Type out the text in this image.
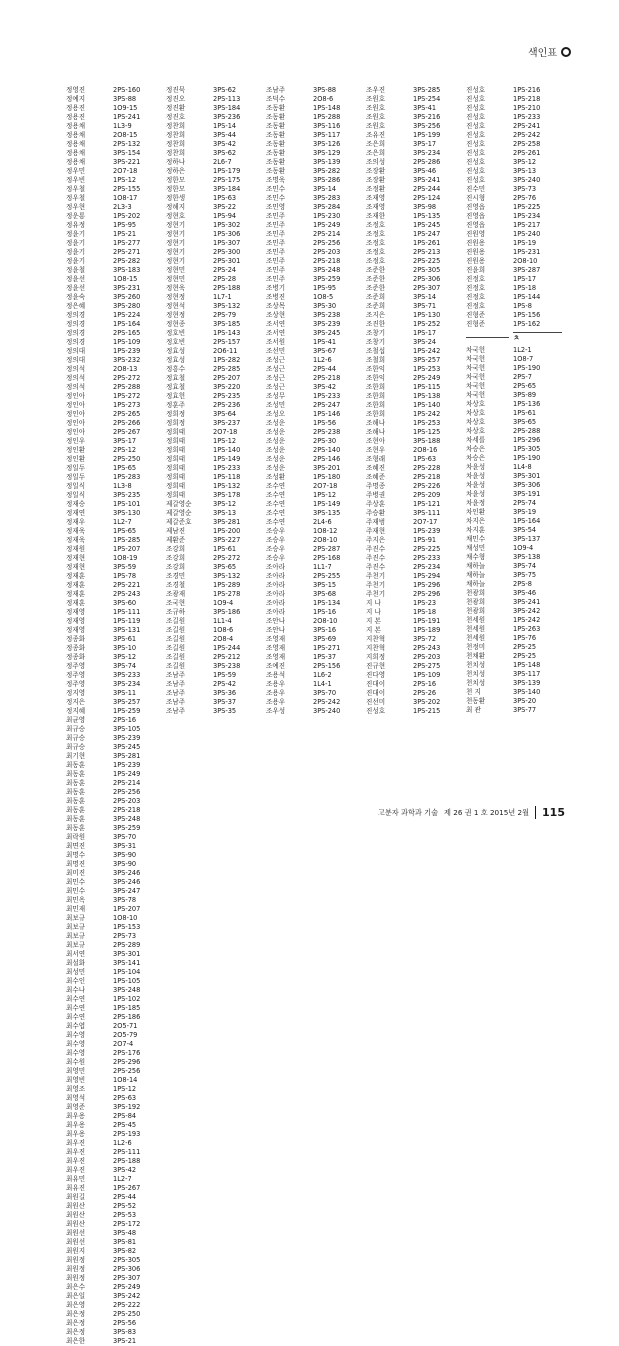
색인표
정영진
정예지
정용진
정용진
정용채
정용채
정용채
정용채
정용채
정우민
정우빈
정우철
정우철
정우현
정운룡
정유정
정윤기
정윤기
정윤기
정윤기
정윤철
정윤선
정윤선
정윤숙
정은혜
정의경
정의경
정의경
정의경
정의대
정의대
정의석
정의석
정의석
정인아
정인아
정인아
정인아
정인아
정인우
정인환
정인환
정일두
정일두
정일식
정일식
정재승
정재연
정재우
정재욱
정재욱
정재원
정재현
정재현
정재훈
정재훈
정재훈
정재훈
정재영
정재영
정재영
정종화
정종화
정종화
정주영
정주영
정주영
정지영
정지은
정지혜
2PS-160
3PS-88
1O9-15
1PS-241
1L3-9
2O8-15
2PS-132
3PS-154
3PS-221
2O7-18
1PS-12
2PS-155
1O8-17
2L3-3
1PS-202
1PS-95
1PS-21
1PS-277
2PS-271
2PS-282
3PS-183
1O8-15
3PS-231
3PS-260
3PS-280
1PS-224
1PS-164
2PS-165
1PS-109
1PS-239
3PS-232
2O8-13
2PS-272
2PS-288
1PS-272
1PS-273
2PS-265
2PS-266
2PS-267
3PS-17
2PS-12
2PS-250
1PS-65
1PS-283
1L3-8
3PS-235
1PS-101
3PS-130
1L2-7
1PS-65
1PS-285
1PS-207
1O8-19
3PS-59
1PS-78
2PS-221
2PS-243
3PS-60
1PS-111
1PS-119
3PS-131
3PS-61
3PS-10
3PS-12
3PS-74
3PS-233
3PS-234
3PS-11
3PS-257
1PS-259
정진묵
정진오
정진환
정진호
정찬희
정찬희
정찬희
정찬희
정하나
정하은
정한모
정한모
정한생
정해지
정현호
정현기
정현기
정현기
정현기
정현기
정현민
정현민
정현욱
정현정
정현석
정현정
정현종
정호빈
정호빈
정효성
정효성
정흥수
정효철
정효철
정효헌
정훈주
정희정
정희정
정희태
정희태
정희태
정희태
정희태
정희태
정희태
정희태
제갈영순
제갈영순
제갈준호
제남진
제환준
조강희
조강희
조강희
조경민
조경철
조광재
조국현
조규하
조길원
조길원
조길원
조길원
조길원
조길원
조남주
조남주
조남주
조남주
조남주
3PS-62
2PS-113
3PS-184
3PS-236
1PS-14
3PS-44
3PS-42
3PS-62
2L6-7
1PS-179
2PS-175
3PS-184
1PS-63
3PS-22
1PS-94
1PS-302
1PS-306
1PS-307
2PS-300
2PS-301
2PS-24
2PS-28
2PS-188
1L7-1
3PS-132
2PS-79
3PS-185
1PS-143
2PS-157
2O6-11
1PS-282
2PS-285
2PS-207
3PS-220
2PS-235
2PS-236
3PS-64
3PS-237
2O7-18
1PS-12
1PS-140
1PS-149
1PS-233
1PS-118
1PS-132
3PS-178
3PS-12
3PS-13
3PS-281
1PS-200
3PS-227
1PS-61
2PS-272
3PS-65
3PS-132
1PS-289
1PS-278
1O9-4
3PS-186
1L1-4
1O8-6
2O8-4
1PS-244
2PS-212
3PS-238
1PS-59
2PS-42
3PS-36
3PS-37
3PS-35
조남주
조덕수
조동환
조동환
조동환
조동환
조동환
조동환
조동환
조동환
조명욱
조민수
조민수
조민영
조민주
조민주
조민주
조민주
조민주
조민주
조민주
조민주
조병기
조병진
조상목
조상현
조서연
조서연
조서원
조선민
조성근
조성근
조성근
조성근
조성무
조성민
조성오
조성운
조성운
조성운
조성운
조성운
조성운
조성환
조수연
조수연
조수연
조수연
조수연
조승우
조승우
조승우
조승우
조아라
조아라
조아라
조아라
조아라
조아라
조안나
조안나
조영재
조영재
조영재
조예진
조용석
조용우
조용우
조용우
조우성
3PS-88
2O8-6
1PS-148
1PS-288
3PS-116
3PS-117
3PS-126
3PS-129
3PS-139
3PS-282
3PS-286
3PS-14
3PS-283
3PS-284
1PS-230
1PS-249
2PS-214
2PS-256
2PS-203
2PS-218
3PS-248
3PS-259
1PS-95
1O8-5
3PS-30
3PS-238
3PS-239
3PS-245
1PS-41
3PS-67
1L2-6
2PS-44
2PS-218
3PS-42
1PS-233
2PS-247
1PS-146
1PS-56
2PS-238
2PS-30
2PS-140
2PS-146
3PS-201
1PS-180
2O7-18
1PS-12
1PS-149
3PS-135
2L4-6
1O8-12
2O8-10
2PS-287
2PS-168
1L1-7
2PS-255
3PS-15
3PS-68
1PS-134
1PS-16
2O8-10
3PS-16
3PS-69
1PS-271
1PS-37
2PS-156
1L6-2
1L4-1
3PS-70
2PS-242
3PS-240
조우진
조원호
조원호
조원호
조원호
조유진
조은희
조은희
조의성
조장환
조장환
조정환
조재영
조재영
조재한
조정호
조정호
조정호
조정호
조정호
조준한
조준한
조준한
조준희
조준희
조지은
조진한
조창기
조창기
조철섭
조철희
조한익
조한익
조한희
조한희
조한희
조한희
조해나
조해나
조현아
조현우
조형래
조혜진
조혜준
주명종
주병권
주상훈
주승환
주재범
주재현
주지은
주진수
주진수
주진수
주천기
주천기
주천기
지 나
지 나
지 본
지 본
지찬혁
지찬혁
지희정
진규현
진다영
진대이
진대이
진선미
진성호
3PS-285
1PS-254
3PS-41
3PS-216
3PS-256
1PS-199
3PS-17
3PS-234
2PS-286
3PS-46
3PS-241
2PS-244
2PS-124
3PS-98
1PS-135
1PS-245
1PS-247
1PS-261
2PS-213
2PS-225
2PS-305
2PS-306
2PS-307
3PS-14
3PS-71
1PS-130
1PS-252
1PS-17
3PS-24
1PS-242
3PS-257
1PS-253
2PS-249
1PS-115
1PS-138
1PS-140
1PS-242
1PS-253
1PS-125
3PS-188
2O8-16
1PS-63
2PS-228
2PS-218
2PS-226
2PS-209
1PS-121
3PS-111
2O7-17
1PS-239
1PS-91
2PS-225
2PS-233
2PS-234
1PS-294
1PS-296
2PS-296
1PS-23
1PS-18
1PS-191
1PS-189
3PS-72
2PS-243
2PS-203
2PS-275
1PS-109
2PS-16
2PS-26
3PS-202
1PS-215
진성호
진성호
진성호
진성호
진성호
진성호
진성호
진성호
진성호
진성호
진성호
진수민
진시형
진영읍
진영읍
진영읍
진원영
진원용
진원용
진원용
진윤희
진정호
진정호
진정호
진정호
진형준
진형준
차국헌
차국헌
차국헌
차국헌
차국헌
차국헌
차상호
차상호
차상호
차상호
차세를
차승은
차승은
차윤성
차윤성
차윤성
차윤성
차윤정
차인환
차지은
차지훈
채민수
채성민
채수형
채하늘
채하늘
채하늘
천광희
천광희
천광희
천세원
천세원
천세원
천정미
천채환
천치성
천치성
천치성
천 지
천동환
최 관
1PS-216
1PS-218
1PS-210
1PS-233
2PS-241
2PS-242
2PS-258
2PS-261
3PS-12
3PS-13
3PS-240
3PS-73
2PS-76
1PS-225
1PS-234
1PS-217
1PS-240
1PS-19
1PS-231
2O8-10
3PS-287
1PS-17
1PS-18
1PS-144
1PS-8
1PS-156
1PS-162
ㅊ
1L2-1
1O8-7
1PS-190
2PS-7
2PS-65
3PS-89
1PS-136
1PS-61
3PS-65
2PS-288
1PS-296
1PS-305
1PS-190
1L4-8
3PS-301
3PS-306
3PS-191
2PS-74
3PS-19
1PS-164
3PS-54
3PS-137
1O9-4
3PS-138
3PS-74
3PS-75
2PS-8
3PS-46
3PS-241
3PS-242
1PS-242
1PS-263
1PS-76
2PS-25
2PS-25
1PS-148
3PS-117
3PS-139
3PS-140
3PS-20
3PS-77
최균영
최규승
최규승
최규승
최기현
최동훈
최동훈
최동훈
최동훈
최동훈
최동훈
최동훈
최동훈
최락원
최면진
최명수
최명진
최미진
최민수
최민수
최민옥
최민재
최보규
최보규
최보규
최보규
최서연
최설화
최성민
최수인
최수나
최수연
최수연
최수연
최수엽
최수영
최수영
최수영
최수원
최영민
최영빈
최영조
최영석
최영준
최우용
최우용
최우용
최우진
최우진
최우진
최우진
최유민
최유진
최원길
최원산
최원산
최원산
최원선
최원선
최원지
최원정
최원정
최원정
최은수
최은일
최은영
최은정
최은정
최은정
최은한
2PS-16
3PS-105
3PS-239
3PS-245
3PS-281
1PS-239
1PS-249
2PS-214
2PS-256
2PS-203
2PS-218
3PS-248
3PS-259
3PS-70
3PS-31
3PS-90
3PS-90
3PS-246
3PS-246
3PS-247
3PS-78
1PS-207
1O8-10
1PS-153
2PS-73
2PS-289
3PS-301
3PS-141
1PS-104
1PS-105
3PS-248
1PS-102
1PS-185
2PS-186
2O5-71
2O5-79
2O7-4
2PS-176
2PS-296
2PS-256
1O8-14
1PS-12
2PS-63
3PS-192
2PS-84
2PS-45
2PS-193
1L2-6
2PS-111
2PS-188
3PS-42
1L2-7
1PS-267
2PS-44
2PS-52
2PS-53
2PS-172
3PS-48
3PS-81
3PS-82
2PS-305
2PS-306
2PS-307
2PS-249
3PS-242
2PS-222
2PS-250
2PS-56
3PS-83
3PS-21
고분자 과학과 기술 제 26 권 1 호 2015년 2월 115
